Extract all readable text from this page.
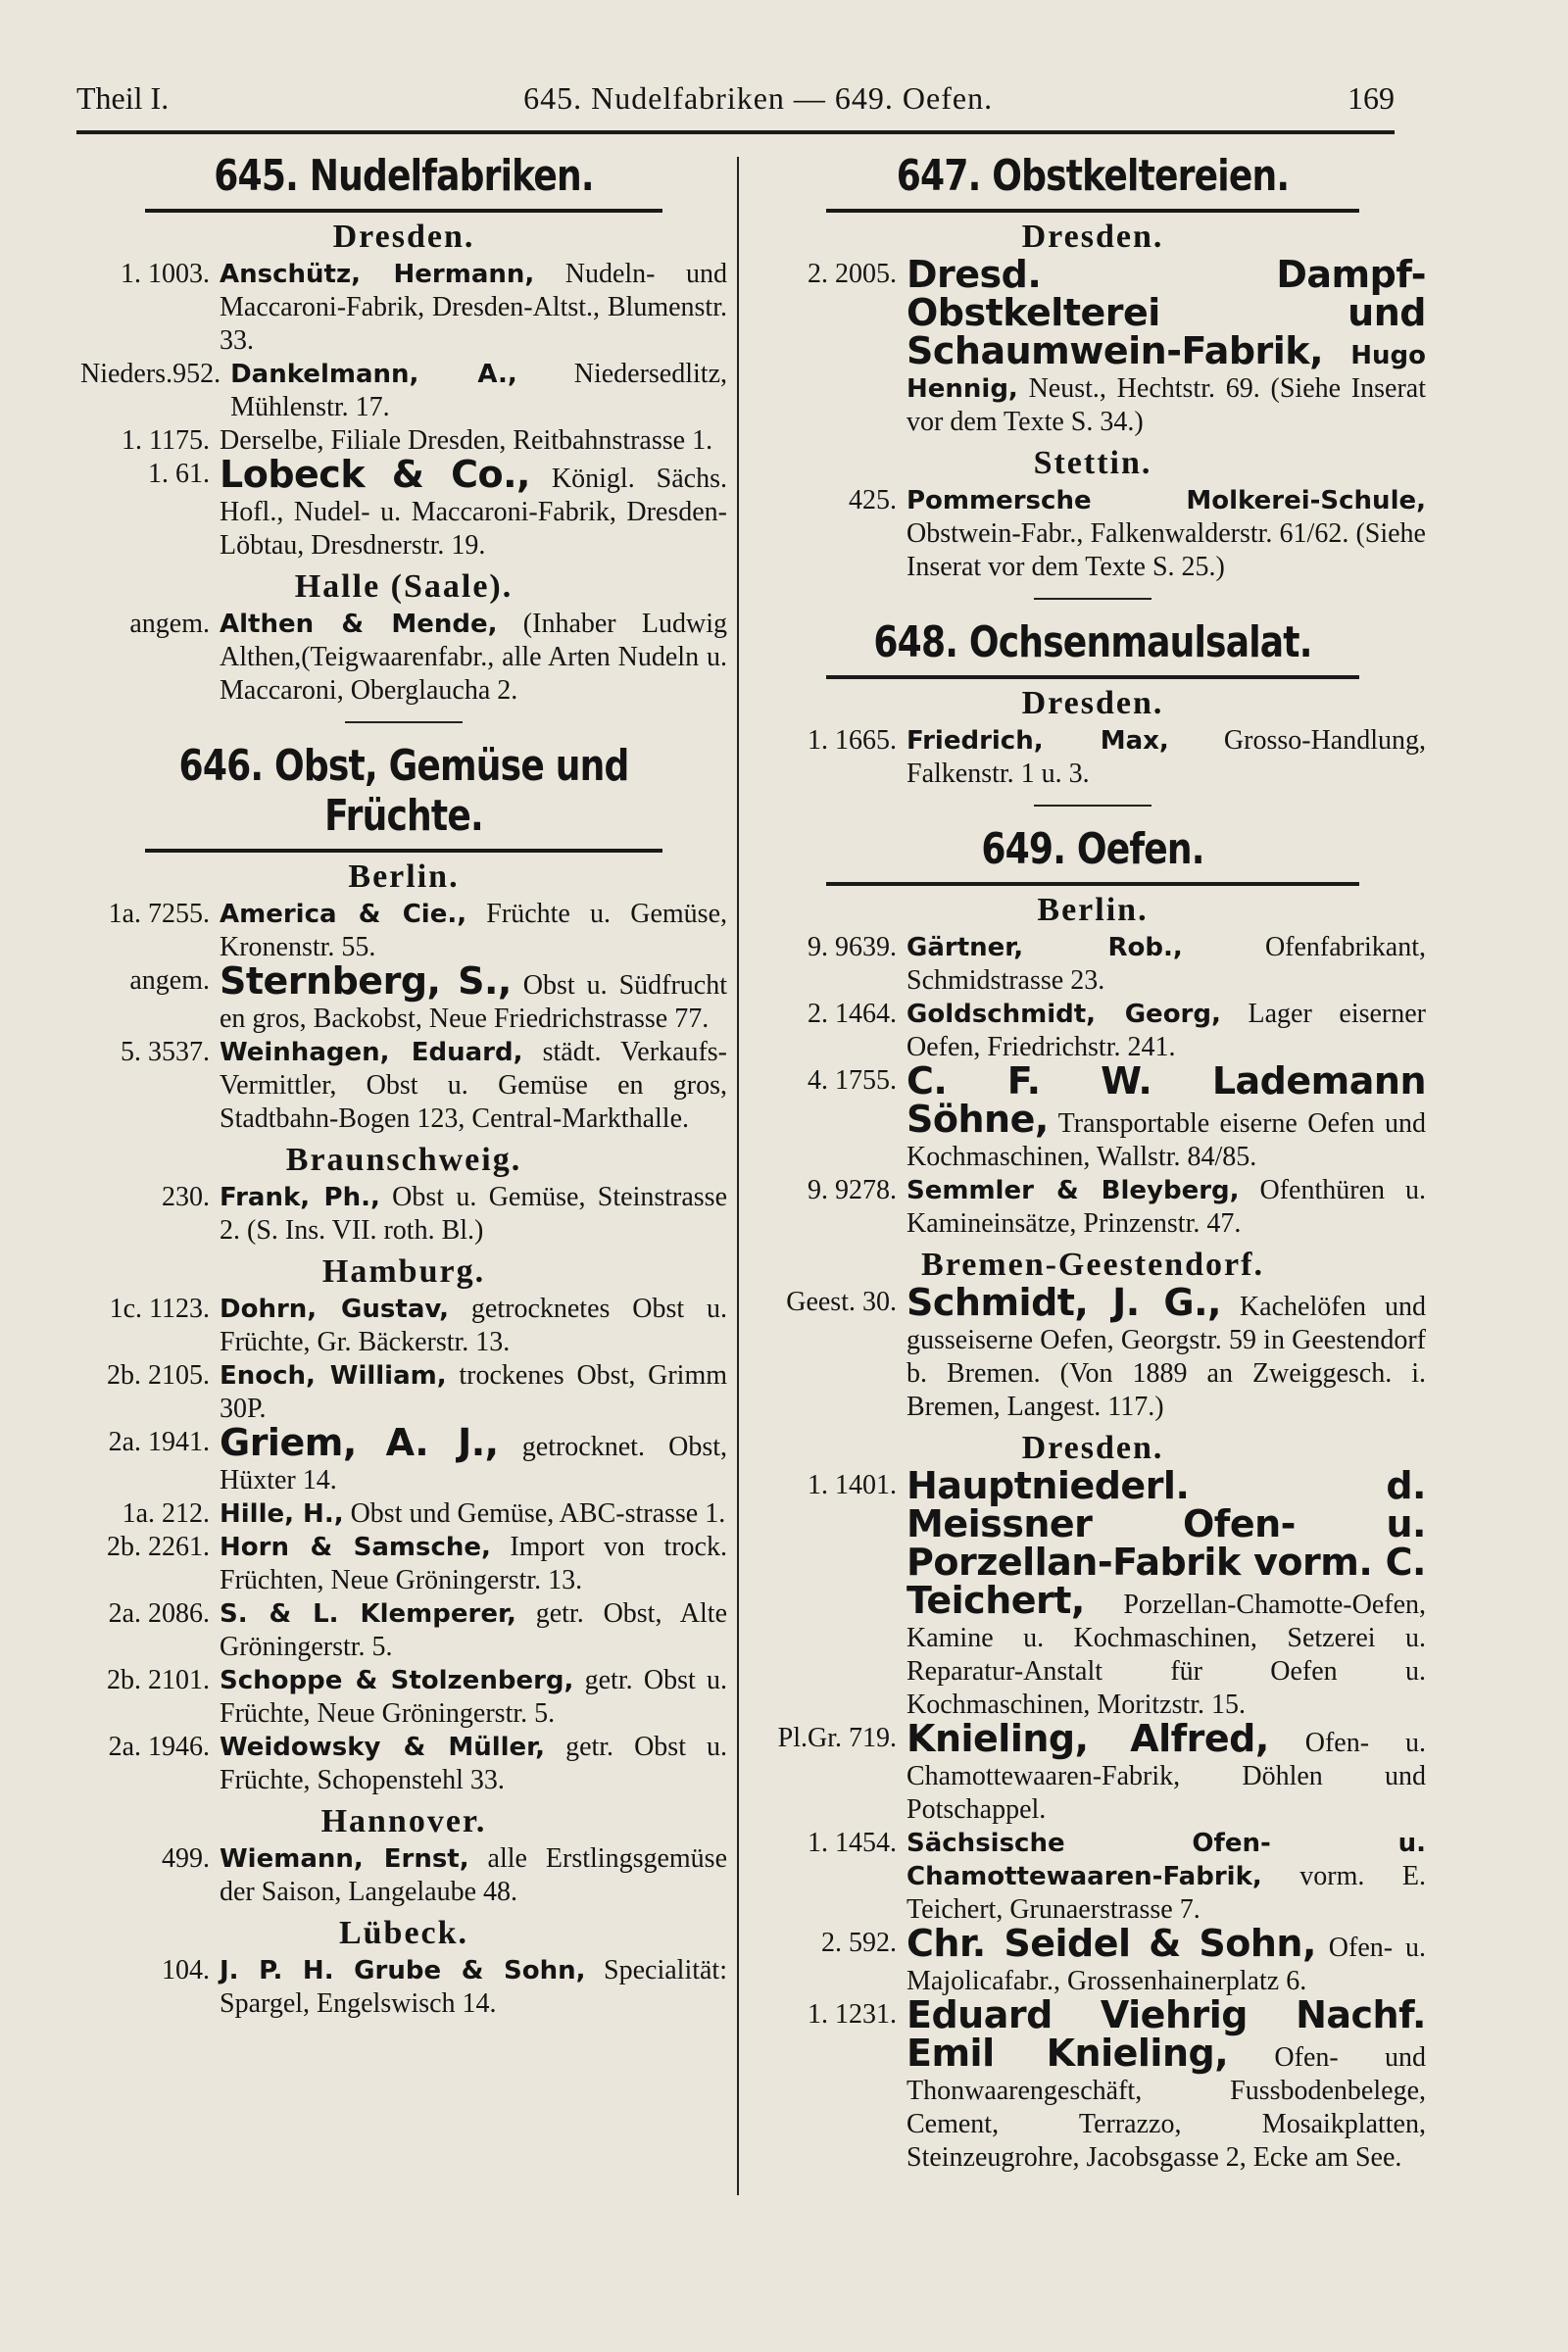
Theil I.	645. Nudelfabriken — 649. Oefen.	169
645. Nudelfabriken.
Dresden.
1. 1003. Anschütz, Hermann, Nudeln- und Maccaroni-Fabrik, Dresden-Altst., Blumenstr. 33.
Nieders.952. Dankelmann, A., Niedersedlitz, Mühlenstr. 17.
1. 1175. Derselbe, Filiale Dresden, Reitbahnstrasse 1.
1. 61. Lobeck & Co., Königl. Sächs. Hofl., Nudel- u. Maccaroni-Fabrik, Dresden-Löbtau, Dresdnerstr. 19.
Halle (Saale).
angem. Althen & Mende, (Inhaber Ludwig Althen,(Teigwaarenfabr., alle Arten Nudeln u. Maccaroni, Oberglaucha 2.
646. Obst, Gemüse und Früchte.
Berlin.
1a. 7255. America & Cie., Früchte u. Gemüse, Kronenstr. 55.
angem. Sternberg, S., Obst u. Südfrucht en gros, Backobst, Neue Friedrichstrasse 77.
5. 3537. Weinhagen, Eduard, städt. Verkaufs-Vermittler, Obst u. Gemüse en gros, Stadtbahn-Bogen 123, Central-Markthalle.
Braunschweig.
230. Frank, Ph., Obst u. Gemüse, Steinstrasse 2. (S. Ins. VII. roth. Bl.)
Hamburg.
1c. 1123. Dohrn, Gustav, getrocknetes Obst u. Früchte, Gr. Bäckerstr. 13.
2b. 2105. Enoch, William, trockenes Obst, Grimm 30P.
2a. 1941. Griem, A. J., getrocknet. Obst, Hüxter 14.
1a. 212. Hille, H., Obst und Gemüse, ABC-strasse 1.
2b. 2261. Horn & Samsche, Import von trock. Früchten, Neue Gröningerstr. 13.
2a. 2086. S. & L. Klemperer, getr. Obst, Alte Gröningerstr. 5.
2b. 2101. Schoppe & Stolzenberg, getr. Obst u. Früchte, Neue Gröningerstr. 5.
2a. 1946. Weidowsky & Müller, getr. Obst u. Früchte, Schopenstehl 33.
Hannover.
499. Wiemann, Ernst, alle Erstlingsgemüse der Saison, Langelaube 48.
Lübeck.
104. J. P. H. Grube & Sohn, Specialität: Spargel, Engelswisch 14.
647. Obstkeltereien.
Dresden.
2. 2005. Dresd. Dampf-Obstkelterei und Schaumwein-Fabrik, Hugo Hennig, Neust., Hechtstr. 69. (Siehe Inserat vor dem Texte S. 34.)
Stettin.
425. Pommersche Molkerei-Schule, Obstwein-Fabr., Falkenwalderstr. 61/62. (Siehe Inserat vor dem Texte S. 25.)
648. Ochsenmaulsalat.
Dresden.
1. 1665. Friedrich, Max, Grosso-Handlung, Falkenstr. 1 u. 3.
649. Oefen.
Berlin.
9. 9639. Gärtner, Rob., Ofenfabrikant, Schmidstrasse 23.
2. 1464. Goldschmidt, Georg, Lager eiserner Oefen, Friedrichstr. 241.
4. 1755. C. F. W. Lademann Söhne, Transportable eiserne Oefen und Kochmaschinen, Wallstr. 84/85.
9. 9278. Semmler & Bleyberg, Ofenthüren u. Kamineinsätze, Prinzenstr. 47.
Bremen-Geestendorf.
Geest. 30. Schmidt, J. G., Kachelöfen und gusseiserne Oefen, Georgstr. 59 in Geestendorf b. Bremen. (Von 1889 an Zweiggesch. i. Bremen, Langest. 117.)
Dresden.
1. 1401. Hauptniederl. d. Meissner Ofen- u. Porzellan-Fabrik vorm. C. Teichert, Porzellan-Chamotte-Oefen, Kamine u. Kochmaschinen, Setzerei u. Reparatur-Anstalt für Oefen u. Kochmaschinen, Moritzstr. 15.
Pl.Gr. 719. Knieling, Alfred, Ofen- u. Chamottewaaren-Fabrik, Döhlen und Potschappel.
1. 1454. Sächsische Ofen- u. Chamottewaaren-Fabrik, vorm. E. Teichert, Grunaerstrasse 7.
2. 592. Chr. Seidel & Sohn, Ofen- u. Majolicafabr., Grossenhainerplatz 6.
1. 1231. Eduard Viehrig Nachf. Emil Knieling, Ofen- und Thonwaarengeschäft, Fussbodenbelege, Cement, Terrazzo, Mosaikplatten, Steinzeugrohre, Jacobsgasse 2, Ecke am See.
